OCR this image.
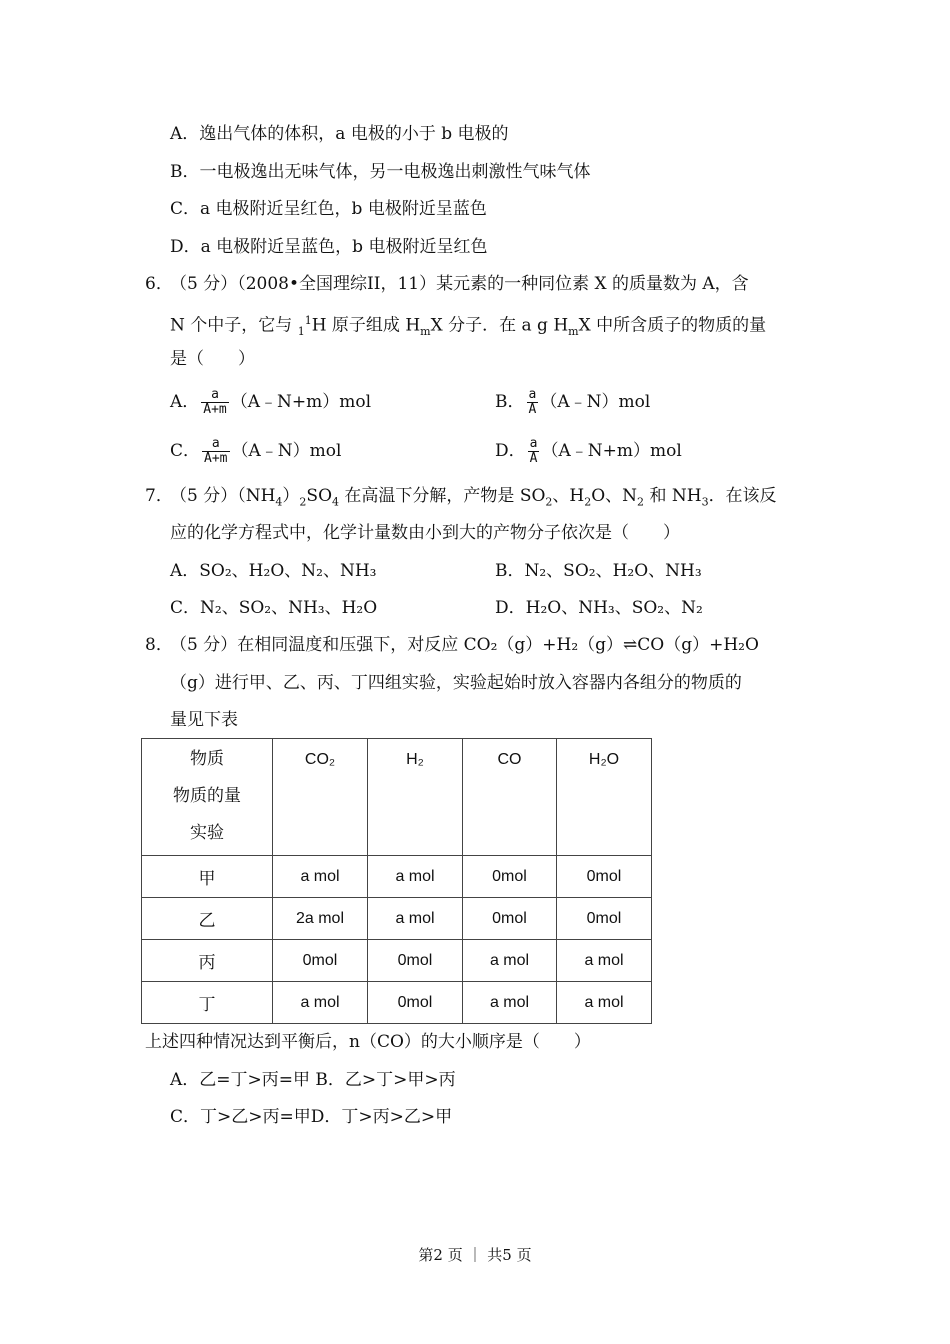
A．逸出气体的体积，a 电极的小于 b 电极的
B．一电极逸出无味气体，另一电极逸出刺激性气味气体
C．a 电极附近呈红色，b 电极附近呈蓝色
D．a 电极附近呈蓝色，b 电极附近呈红色
6．
（5 分）（2008•全国理综II，11）某元素的一种同位素 X 的质量数为 A，含
N 个中子，它与 $_1^1$H 原子组成 $H_mX$ 分子．在 a g $H_mX$ 中所含质子的物质的量
是（　　）
A． $\frac{a}{A+m}$ （A﹣N+m）mol	B． $\frac{a}{A}$ （A﹣N）mol
C． $\frac{a}{A+m}$ （A﹣N）mol	D． $\frac{a}{A}$ （A﹣N+m）mol
7．
（5 分）$(NH_4)_2SO_4$ 在高温下分解，产物是 $SO_2$、$H_2O$、$N_2$ 和 $NH_3$．在该反
应的化学方程式中，化学计量数由小到大的产物分子依次是（　　）
A．SO₂、H₂O、N₂、NH₃	B．N₂、SO₂、H₂O、NH₃
C．N₂、SO₂、NH₃、H₂O	D．H₂O、NH₃、SO₂、N₂
8．
（5 分）在相同温度和压强下，对反应 CO₂（g）+H₂（g）⇌CO（g）+H₂O
（g）进行甲、乙、丙、丁四组实验，实验起始时放入容器内各组分的物质的
量见下表
物质
物质的量
实验	CO₂	H₂	CO	H₂O

甲	a mol	a mol	0mol	0mol
乙	2a mol	a mol	0mol	0mol
丙	0mol	0mol	a mol	a mol
丁	a mol	0mol	a mol	a mol
上述四种情况达到平衡后，n（CO）的大小顺序是（　　）
A．乙=丁>丙=甲 B．乙>丁>甲>丙
C．丁>乙>丙=甲D．丁>丙>乙>甲
第2 页 ｜ 共5 页
